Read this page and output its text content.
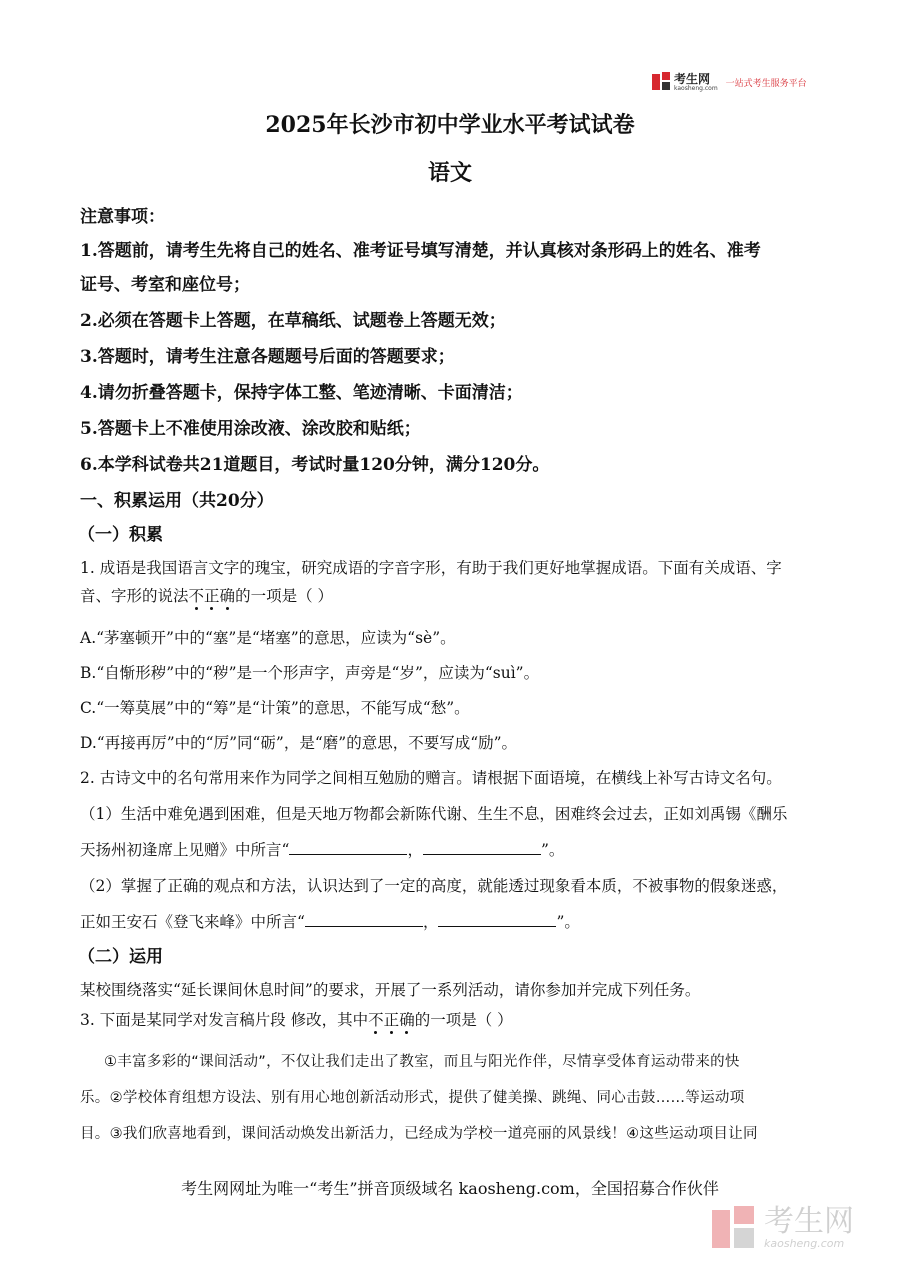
考生网
kaosheng.com 一站式考生服务平台
2025年长沙市初中学业水平考试试卷
语文
注意事项：
1.答题前，请考生先将自己的姓名、准考证号填写清楚，并认真核对条形码上的姓名、准考
证号、考室和座位号；
2.必须在答题卡上答题，在草稿纸、试题卷上答题无效；
3.答题时，请考生注意各题题号后面的答题要求；
4.请勿折叠答题卡，保持字体工整、笔迹清晰、卡面清洁；
5.答题卡上不准使用涂改液、涂改胶和贴纸；
6.本学科试卷共21道题目，考试时量120分钟，满分120分。
一、积累运用（共20分）
（一）积累
1. 成语是我国语言文字的瑰宝，研究成语的字音字形，有助于我们更好地掌握成语。下面有关成语、字
音、字形的说法不正确的一项是（ ）
A.“茅塞顿开”中的“塞”是“堵塞”的意思，应读为“sè”。
B.“自惭形秽”中的“秽”是一个形声字，声旁是“岁”，应读为“suì”。
C.“一筹莫展”中的“筹”是“计策”的意思，不能写成“愁”。
D.“再接再厉”中的“厉”同“砺”，是“磨”的意思，不要写成“励”。
2. 古诗文中的名句常用来作为同学之间相互勉励的赠言。请根据下面语境，在横线上补写古诗文名句。
（1）生活中难免遇到困难，但是天地万物都会新陈代谢、生生不息，困难终会过去，正如刘禹锡《酬乐
天扬州初逢席上见赠》中所言“	，	”。
（2）掌握了正确的观点和方法，认识达到了一定的高度，就能透过现象看本质，不被事物的假象迷惑，
正如王安石《登飞来峰》中所言“	，	”。
（二）运用
某校围绕落实“延长课间休息时间”的要求，开展了一系列活动，请你参加并完成下列任务。
3. 下面是某同学对发言稿片段 修改，其中不正确的一项是（ ）
①丰富多彩的“课间活动”，不仅让我们走出了教室，而且与阳光作伴，尽情享受体育运动带来的快
乐。②学校体育组想方设法、别有用心地创新活动形式，提供了健美操、跳绳、同心击鼓……等运动项
目。③我们欣喜地看到，课间活动焕发出新活力，已经成为学校一道亮丽的风景线！④这些运动项目让同
考生网网址为唯一“考生”拼音顶级域名 kaosheng.com，全国招募合作伙伴
考生网
kaosheng.com
